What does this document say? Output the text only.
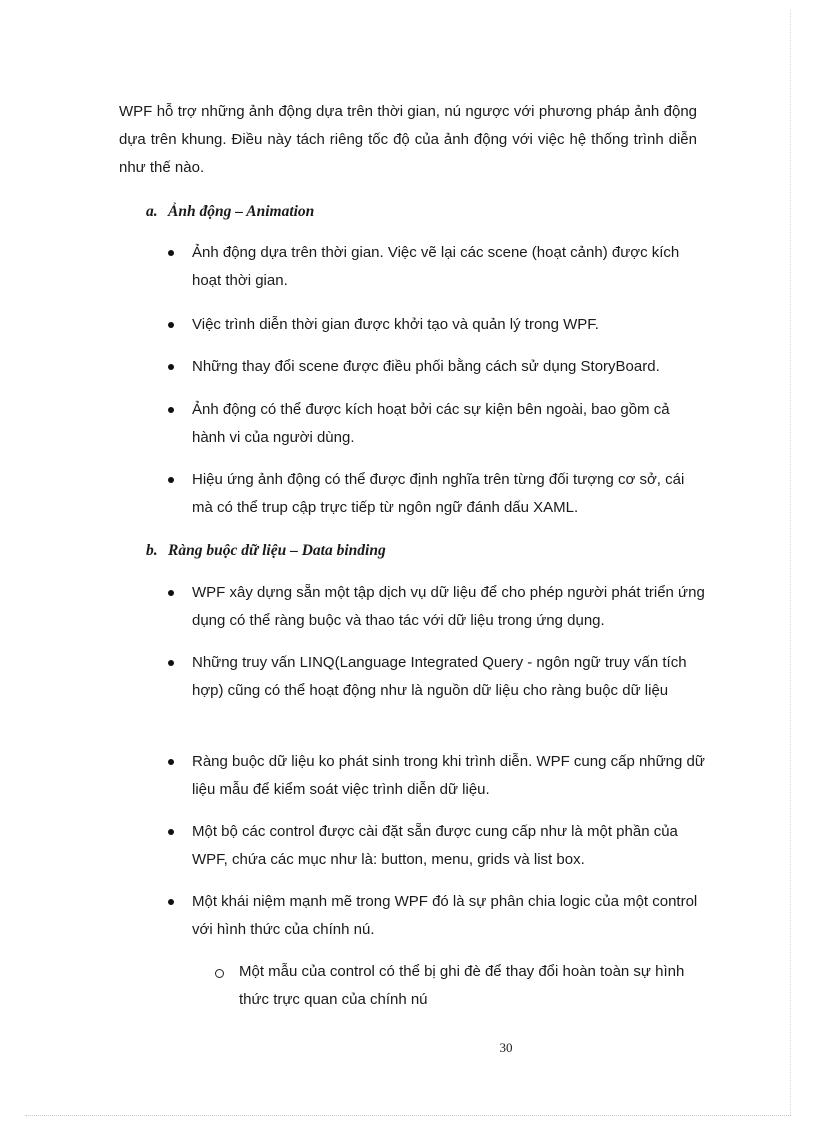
WPF hỗ trợ những ảnh động dựa trên thời gian, nú ngược với phương pháp ảnh động dựa trên khung. Điều này tách riêng tốc độ của ảnh động với việc hệ thống trình diễn như thế nào.

a. Ảnh động – Animation

Ảnh động dựa trên thời gian. Việc vẽ lại các scene (hoạt cảnh) được kích hoạt thời gian.

Việc trình diễn thời gian được khởi tạo và quản lý trong WPF.

Những thay đổi scene được điều phối bằng cách sử dụng StoryBoard.

Ảnh động có thể được kích hoạt bởi các sự kiện bên ngoài, bao gồm cả hành vi của người dùng.

Hiệu ứng ảnh động có thể được định nghĩa trên từng đối tượng cơ sở, cái mà có thể trup cập trực tiếp từ ngôn ngữ đánh dấu XAML.

b. Ràng buộc dữ liệu – Data binding

WPF xây dựng sẵn một tập dịch vụ dữ liệu để cho phép người phát triển ứng dụng có thể ràng buộc và thao tác với dữ liệu trong ứng dụng.

Những truy vấn LINQ(Language Integrated Query - ngôn ngữ truy vấn tích hợp) cũng có thể hoạt động như là nguồn dữ liệu cho ràng buộc dữ liệu

Ràng buộc dữ liệu ko phát sinh trong khi trình diễn. WPF cung cấp những dữ liệu mẫu để kiểm soát việc trình diễn dữ liệu.

Một bộ các control được cài đặt sẵn được cung cấp như là một phần của WPF, chứa các mục như là: button, menu, grids và list box.

Một khái niệm mạnh mẽ trong WPF đó là sự phân chia logic của một control với hình thức của chính nú.

Một mẫu của control có thể bị ghi đè để thay đổi hoàn toàn sự hình thức trực quan của chính nú

30
